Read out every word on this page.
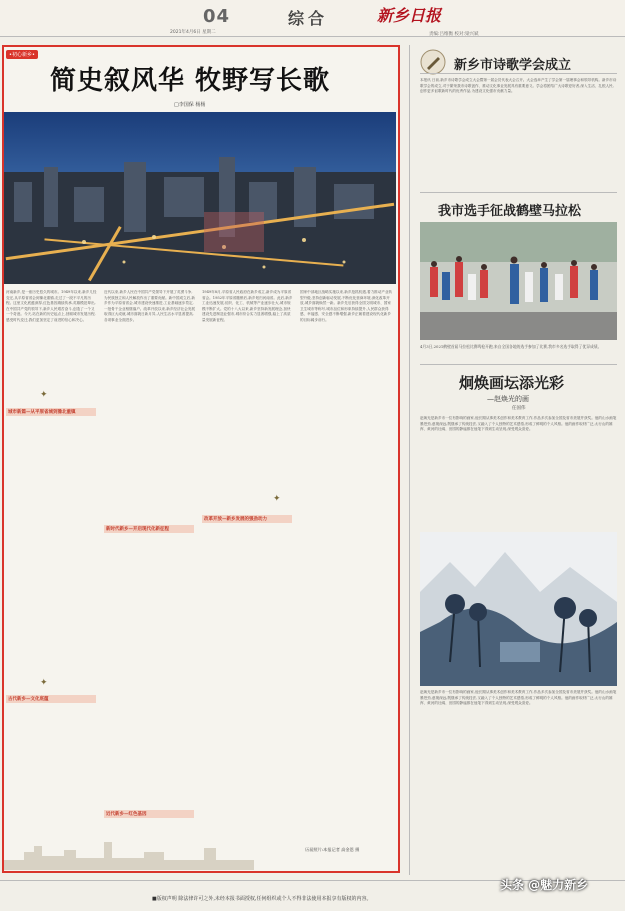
04
2021年4月6日 星期二
综合	新乡日报
责编:吕维衡 校对:梁兴斌
•初心新乡•
简史叙风华 牧野写长歌
□李国保 杨杨
河南新乡,是一座历史悠久的城市。1949年以来,新乡几经变迁,从平原省省会到豫北重镇,走过了一段不平凡的历程。这里文化底蕴深厚,红色基因赓续传承,英雄模范辈出,在中国共产党的领导下,新乡人民艰苦奋斗,创造了一个又一个奇迹。今天,站在新的历史起点上,回顾城市发展历程,感受时代变迁,我们更加坚定了前进的信心和决心。
近代以来,新乡人民在中国共产党领导下开展了英勇斗争,为民族独立和人民解放作出了重要贡献。新中国成立后,新乡作为平原省省会,城市建设快速推进,工业基础逐步奠定,一批骨干企业相继落户。改革开放以来,新乡经济社会发展取得巨大成就,城市面貌日新月异,人民生活水平显著提高,各项事业全面进步。
1949年8月,平原省人民政府在新乡成立,新乡成为平原省省会。1952年平原省撤销后,新乡划归河南省。此后,新乡工业迅速发展,纺织、化工、机械等产业逐步壮大,城市规模不断扩大。党的十八大以来,新乡坚持新发展理念,加快建设先进制造业强市,城市综合实力显著增强,踏上了高质量发展新征程。
国家中部地区战略实施以来,新乡抢抓机遇,着力推动产业转型升级,坚持创新驱动发展,不断优化营商环境,深化改革开放,城乡面貌焕然一新。新乡先后获得全国文明城市、国家卫生城市等称号,城市品位和形象持续提升,人民群众获得感、幸福感、安全感不断增强,新乡正朝着建设现代化新乡的目标阔步前行。
城市新篇—从平原省城到豫北重镇
改革开放—新乡发展的强劲动力
新时代新乡—开启现代化新征程
古代新乡—文化底蕴
近代新乡—红色基因
✦
✦
✦
历届照片:本报记者 高金恩 摄
新乡市诗歌学会成立
本报讯 日前,新乡市诗歌学会成立大会暨第一届会员代表大会召开。大会选举产生了学会第一届理事会和领导机构。新乡市诗歌学会的成立,对于繁荣我市诗歌创作、推动文化事业发展具有重要意义。学会将团结广大诗歌爱好者,深入生活、扎根人民,创作更多讴歌新时代的优秀作品,为建设文化强市贡献力量。
我市选手征战鹤壁马拉松
4月3日,2021鹤壁首届马拉松比赛鸣枪开跑,来自全国各地的选手参加了比赛,我市多名选手取得了优异成绩。
炯焕画坛添光彩
—赵焕光的画
任国伟
赵焕光是新乡市一位有影响的画家,他长期从事美术创作和美术教育工作,作品多次参加全国及省市美展并获奖。他的山水画笔墨苍劲,意境深远,既继承了传统技法,又融入了个人独特的艺术感悟,形成了鲜明的个人风格。他的画作取材广泛,太行山的雄浑、黄河的壮阔、田园的静谧都在他笔下得到生动呈现,深受观众喜爱。
赵焕光是新乡市一位有影响的画家,他长期从事美术创作和美术教育工作,作品多次参加全国及省市美展并获奖。他的山水画笔墨苍劲,意境深远,既继承了传统技法,又融入了个人独特的艺术感悟,形成了鲜明的个人风格。他的画作取材广泛,太行山的雄浑、黄河的壮阔、田园的静谧都在他笔下得到生动呈现,深受观众喜爱。
■版权声明 除法律许可之外,未经本报书面授权,任何组织或个人不得非法使用本报享有版权的内容。
头条 @魅力新乡
